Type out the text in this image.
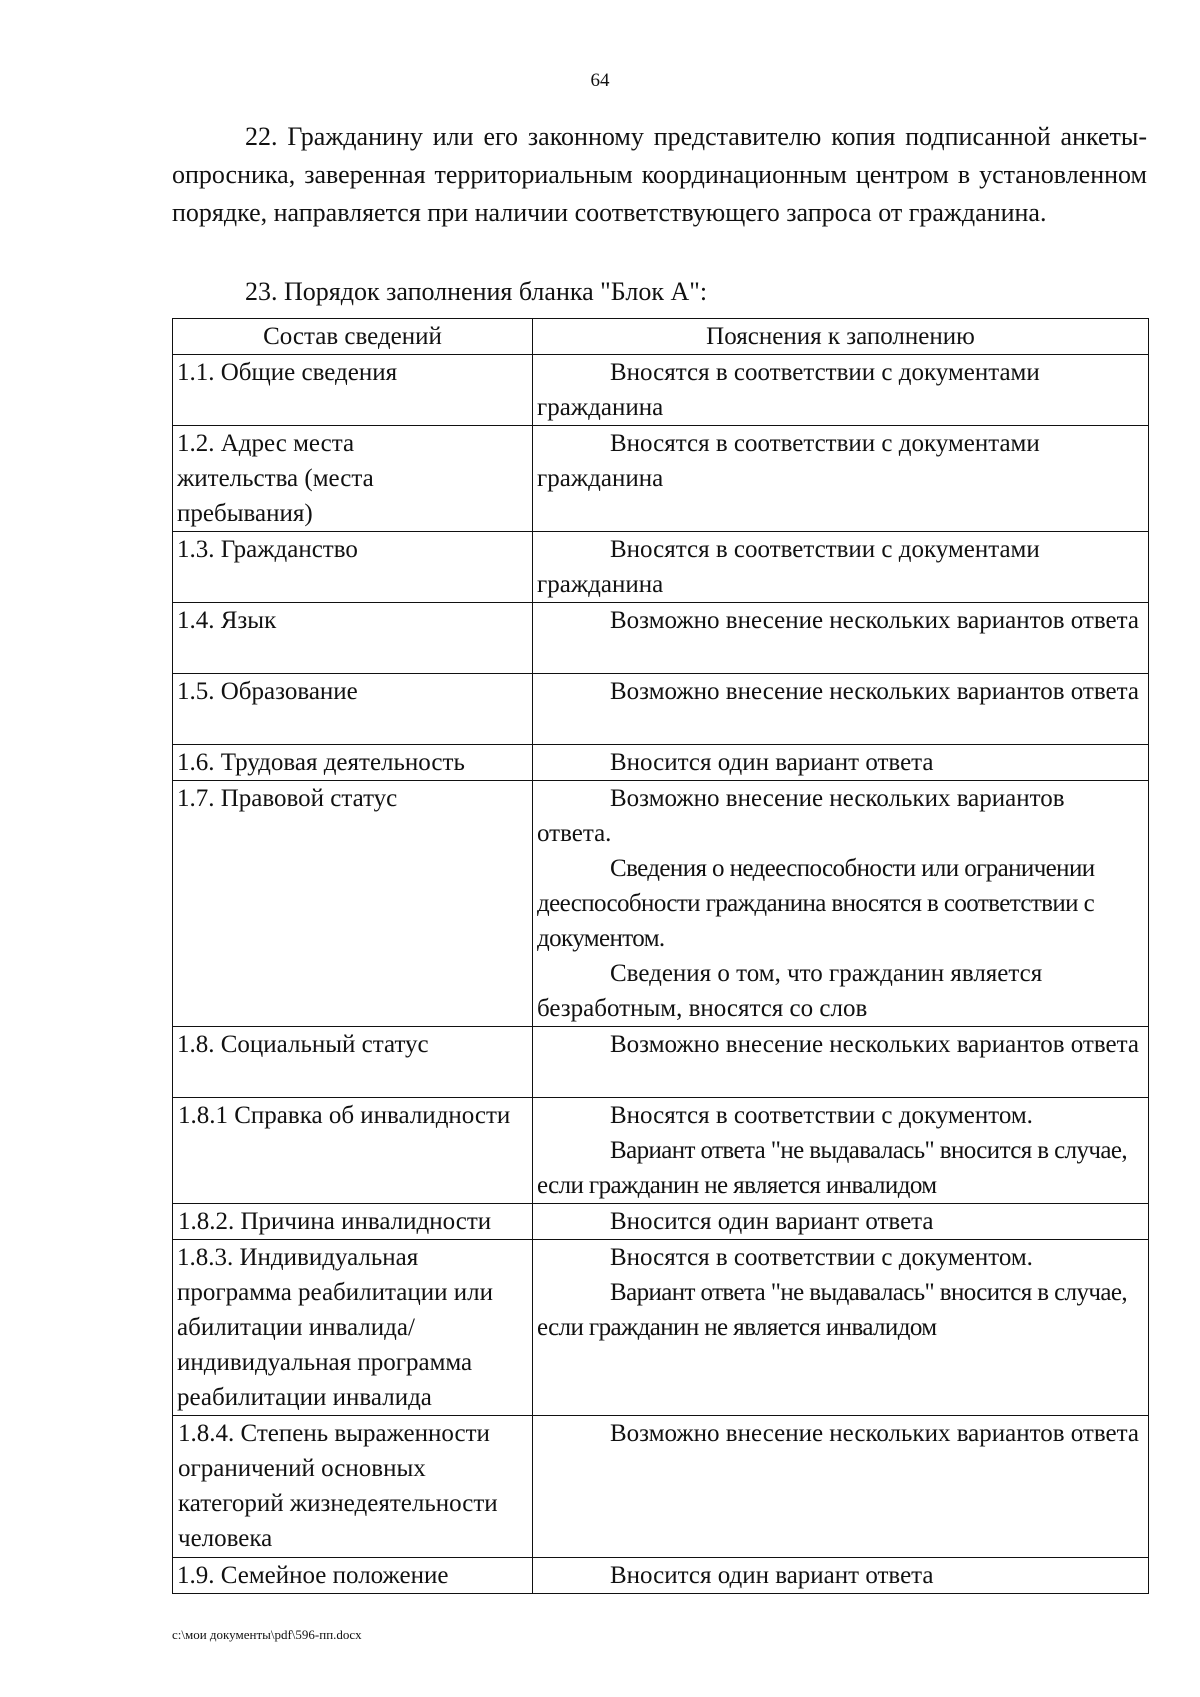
64

22. Гражданину или его законному представителю копия подписанной анкеты-опросника, заверенная территориальным координационным центром в установленном порядке, направляется при наличии соответствующего запроса от гражданина.

23. Порядок заполнения бланка "Блок А":

Состав сведений	Пояснения к заполнению
1.1. Общие сведения	Вносятся в соответствии с документами гражданина

1.2. Адрес места жительства (места пребывания)	Вносятся в соответствии с документами гражданина

1.3. Гражданство	Вносятся в соответствии с документами гражданина

1.4. Язык	Возможно внесение нескольких вариантов ответа

1.5. Образование	Возможно внесение нескольких вариантов ответа

1.6. Трудовая деятельность	Вносится один вариант ответа

1.7. Правовой статус	Возможно внесение нескольких вариантов ответа.

Сведения о недееспособности или ограничении дееспособности гражданина вносятся в соответствии с документом.

Сведения о том, что гражданин является безработным, вносятся со слов

1.8. Социальный статус	Возможно внесение нескольких вариантов ответа

1.8.1 Справка об инвалидности	Вносятся в соответствии с документом.

Вариант ответа "не выдавалась" вносится в случае, если гражданин не является инвалидом

1.8.2. Причина инвалидности	Вносится один вариант ответа

1.8.3. Индивидуальная программа реабилитации или абилитации инвалида/ индивидуальная программа реабилитации инвалида	Вносятся в соответствии с документом.

Вариант ответа "не выдавалась" вносится в случае, если гражданин не является инвалидом

1.8.4. Степень выраженности ограничений основных категорий жизнедеятельности человека	Возможно внесение нескольких вариантов ответа

1.9. Семейное положение	Вносится один вариант ответа

c:\мои документы\pdf\596-пп.docx
